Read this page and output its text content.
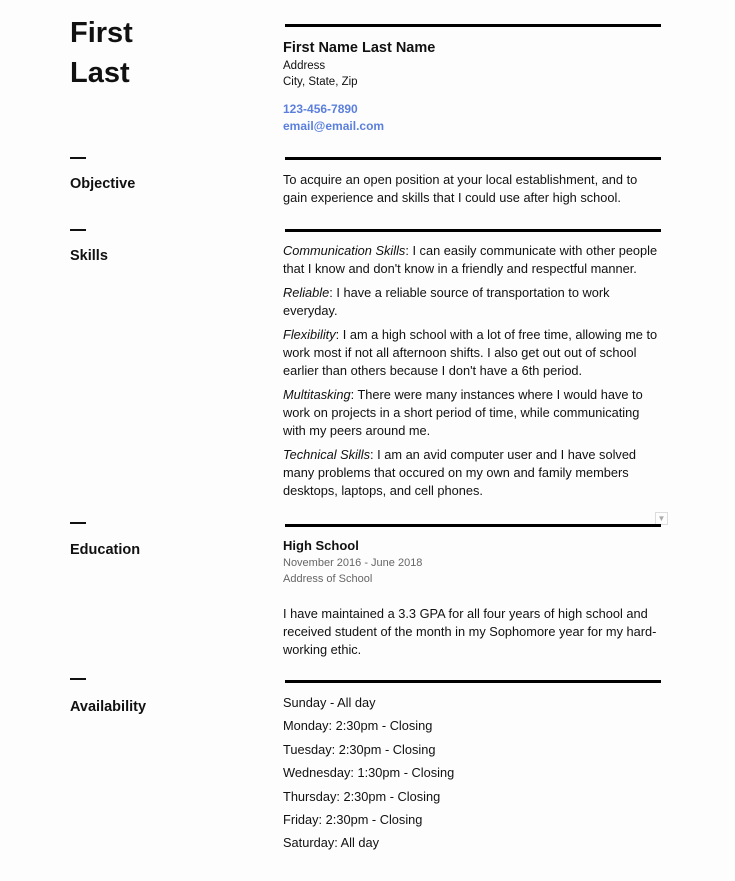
First
Last
First Name Last Name
Address
City, State, Zip
123-456-7890
email@email.com
Objective	To acquire an open position at your local establishment, and to gain experience and skills that I could use after high school.
Skills	Communication Skills: I can easily communicate with other people that I know and don't know in a friendly and respectful manner.

Reliable: I have a reliable source of transportation to work everyday.

Flexibility: I am a high school with a lot of free time, allowing me to work most if not all afternoon shifts. I also get out out of school earlier than others because I don't have a 6th period.

Multitasking: There were many instances where I would have to work on projects in a short period of time, while communicating with my peers around me.

Technical Skills: I am an avid computer user and I have solved many problems that occured on my own and family members desktops, laptops, and cell phones.

▼
Education	High School
November 2016 - June 2018
Address of School
I have maintained a 3.3 GPA for all four years of high school and received student of the month in my Sophomore year for my hard-working ethic.
Availability	Sunday - All day
Monday: 2:30pm - Closing
Tuesday: 2:30pm - Closing
Wednesday: 1:30pm - Closing
Thursday: 2:30pm - Closing
Friday: 2:30pm - Closing
Saturday: All day
